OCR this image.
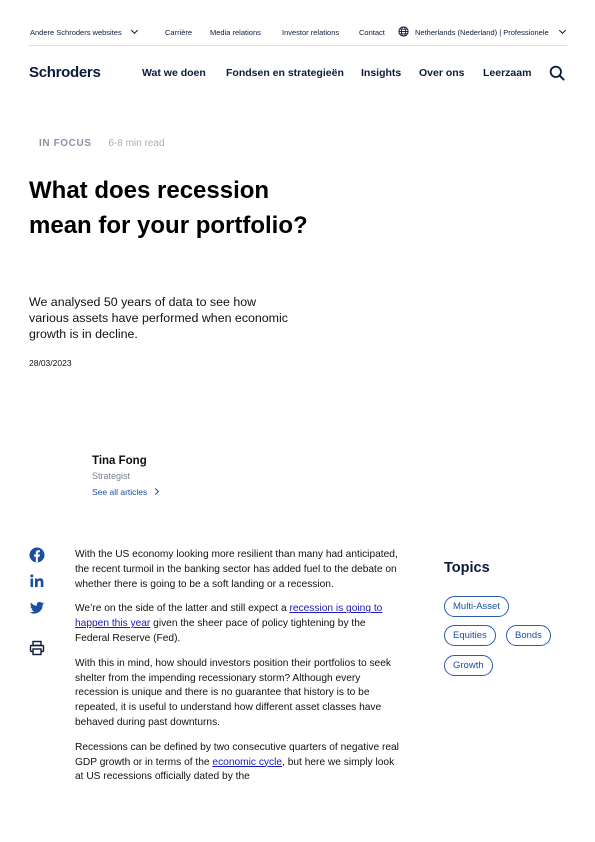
Andere Schroders websites	Carrière Media relations	Investor relations	Contact	Netherlands (Nederland) | Professionele
Schroders	Wat we doen Fondsen en strategieën Insights Over ons Leerzaam
IN FOCUS 6-8 min read
What does recession mean for your portfolio?

We analysed 50 years of data to see how various assets have performed when economic growth is in decline.

28/03/2023
Tina Fong
Strategist
See all articles

With the US economy looking more resilient than many had anticipated, the recent turmoil in the banking sector has added fuel to the debate on whether there is going to be a soft landing or a recession.

We’re on the side of the latter and still expect a recession is going to happen this year given the sheer pace of policy tightening by the Federal Reserve (Fed).

With this in mind, how should investors position their portfolios to seek shelter from the impending recessionary storm? Although every recession is unique and there is no guarantee that history is to be repeated, it is useful to understand how different asset classes have behaved during past downturns.

Recessions can be defined by two consecutive quarters of negative real GDP growth or in terms of the economic cycle, but here we simply look at US recessions officially dated by the

Topics
Multi-Asset
Equities	Bonds
Growth
